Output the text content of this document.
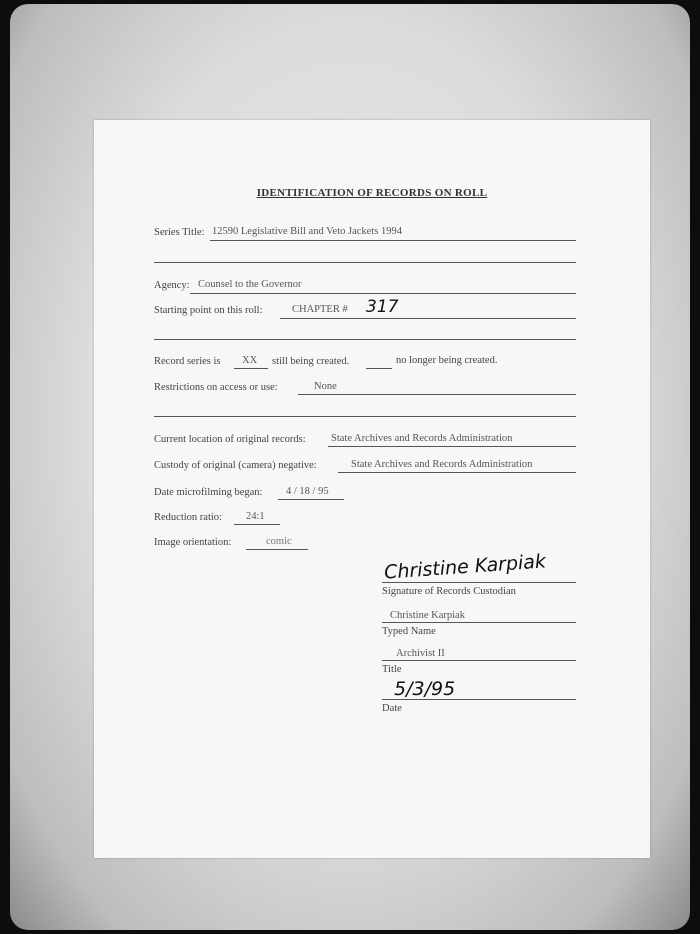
IDENTIFICATION OF RECORDS ON ROLL
Series Title: 12590 Legislative Bill and Veto Jackets 1994
Agency: Counsel to the Governor
Starting point on this roll:	CHAPTER # 317
Record series is XX still being created.	no longer being created.
Restrictions on access or use:	None
Current location of original records: State Archives and Records Administration
Custody of original (camera) negative:	State Archives and Records Administration
Date microfilming began: 4 / 18 / 95
Reduction ratio: 24:1
Image orientation:	comic
Christine Karpiak
Signature of Records Custodian
Christine Karpiak
Typed Name
Archivist II
Title
5/3/95
Date
